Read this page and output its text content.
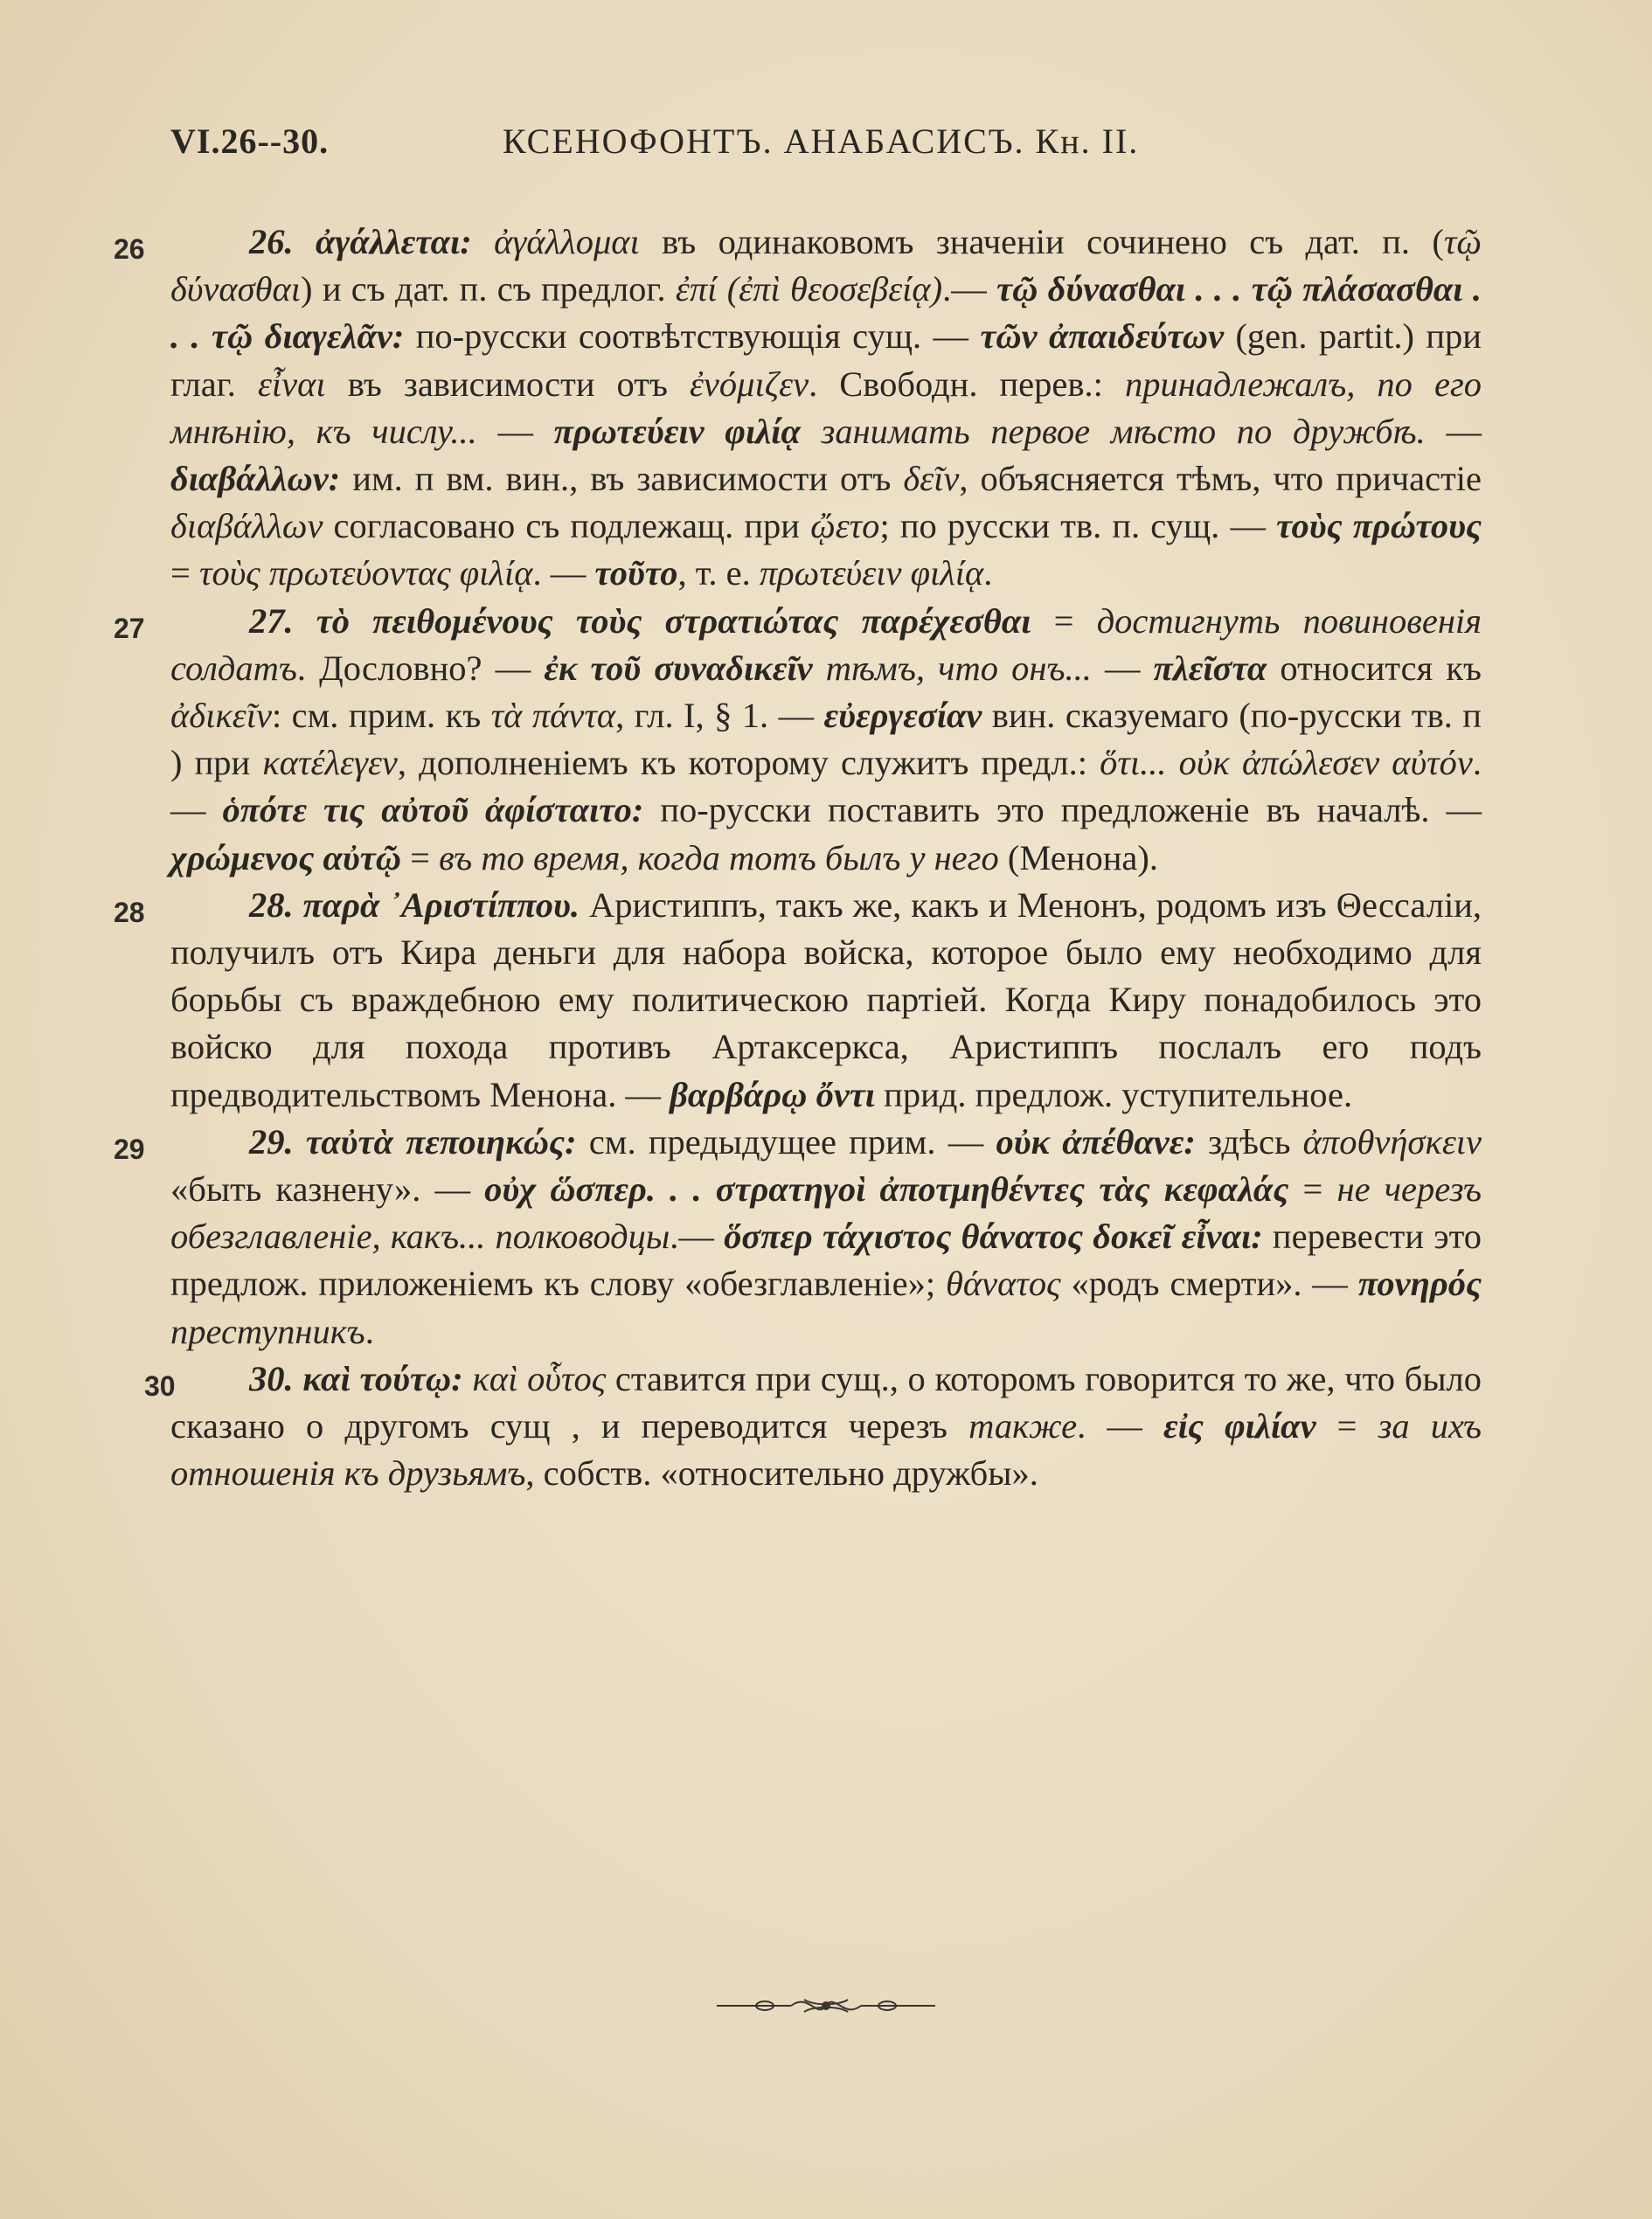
VI.26--30.	КСЕНОФОНТЪ. АНАБАСИСЪ. Кн. II.

26	26. ἀγάλλεται: ἀγάλλομαι въ одинаковомъ значенiи сочинено съ дат. п. (τῷ δύνασθαι) и съ дат. п. съ предлог. ἐπί (ἐπὶ θεοσεβείᾳ).— τῷ δύνασθαι . . . τῷ πλάσασθαι . . . τῷ διαγελᾶν: по-русски соотвѣтствующiя сущ. — τῶν ἀπαιδεύτων (gen. partit.) при глаг. εἶναι въ зависимости отъ ἐνόμιζεν. Свободн. перев.: принадлежалъ, по его мнѣнiю, къ числу... — πρωτεύειν φιλίᾳ занимать первое мѣсто по дружбѣ. — διαβάλλων: им. п вм. вин., въ зависимости отъ δεῖν, объясняется тѣмъ, что причастiе διαβάλλων согласовано съ подлежащ. при ᾤετο; по русски тв. п. сущ. — τοὺς πρώτους = τοὺς πρωτεύοντας φιλίᾳ. — τοῦτο, т. е. πρωτεύειν φιλίᾳ.

27	27. τὸ πειθομένους τοὺς στρατιώτας παρέχεσθαι = достигнуть повиновенiя солдатъ. Дословно? — ἐκ τοῦ συναδικεῖν тѣмъ, что онъ... — πλεῖστα относится къ ἀδικεῖν: см. прим. къ τὰ πάντα, гл. I, § 1. — εὐεργεσίαν вин. сказуемаго (по-русски тв. п ) при κατέλεγεν, дополненiемъ къ которому служитъ предл.: ὅτι... οὐκ ἀπώλεσεν αὐτόν. — ὁπότε τις αὐτοῦ ἀφίσταιτο: по-русски поставить это предложенiе въ началѣ. — χρώμενος αὐτῷ = въ то время, когда тотъ былъ у него (Менона).

28	28. παρὰ ᾿Αριστίππου. Аристиппъ, такъ же, какъ и Менонъ, родомъ изъ Θессалiи, получилъ отъ Кира деньги для набора войска, которое было ему необходимо для борьбы съ враждебною ему политическою партiей. Когда Киру понадобилось это войско для похода противъ Артаксеркса, Аристиппъ послалъ его подъ предводительствомъ Менона. — βαρβάρῳ ὄντι прид. предлож. уступительное.

29	29. ταὐτὰ πεποιηκώς: см. предыдущее прим. — οὐκ ἀπέθανε: здѣсь ἀποθνήσκειν «быть казнену». — οὐχ ὥσπερ. . . στρατηγοὶ ἀποτμηθέντες τὰς κεφαλάς = не черезъ обезглавленiе, какъ... полководцы.— ὅσπερ τάχιστος θάνατος δοκεῖ εἶναι: перевести это предлож. приложенiемъ къ слову «обезглавленiе»; θάνατος «родъ смерти». — πονηρός преступникъ.

30 30. καὶ τούτῳ: καὶ οὗτος ставится при сущ., о которомъ говорится то же, что было сказано о другомъ сущ , и переводится черезъ также. — εἰς φιλίαν = за ихъ отношенiя къ друзьямъ, собств. «относительно дружбы».
